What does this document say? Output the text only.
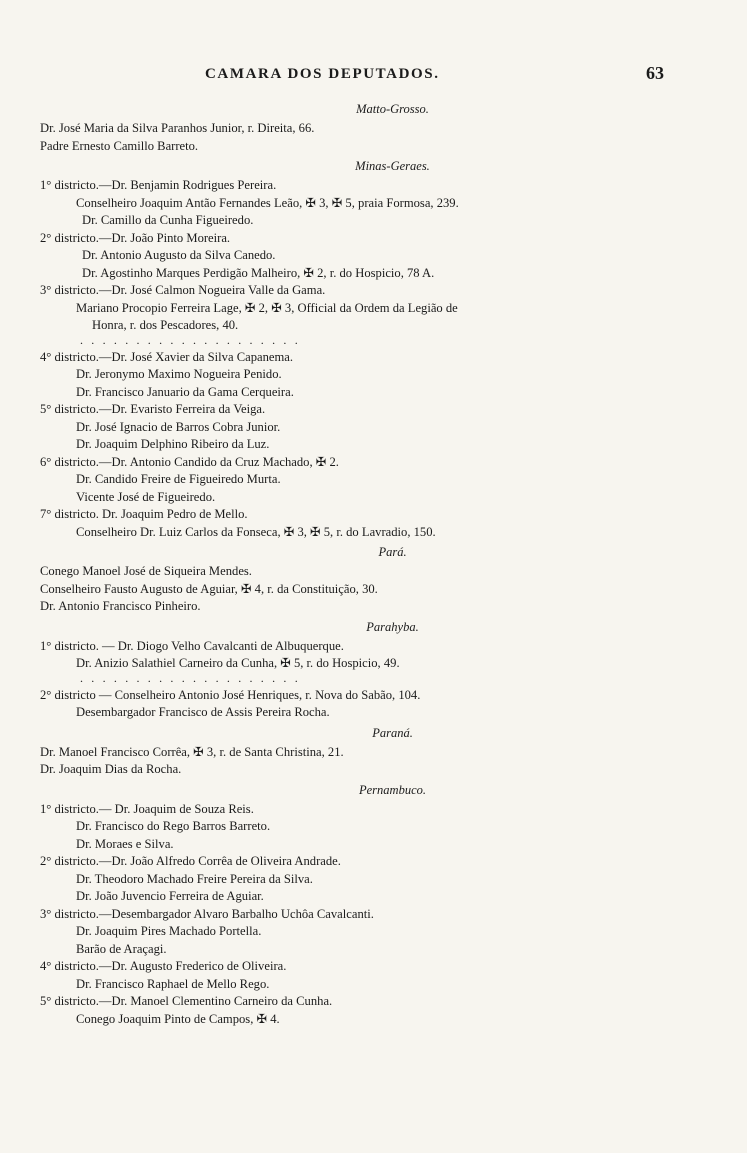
CAMARA DOS DEPUTADOS.	63
Matto-Grosso.
Dr. José Maria da Silva Paranhos Junior, r. Direita, 66.
Padre Ernesto Camillo Barreto.
Minas-Geraes.
1° districto.—Dr. Benjamin Rodrigues Pereira.
Conselheiro Joaquim Antão Fernandes Leão, ✠ 3, ✠ 5, praia Formosa, 239.
Dr. Camillo da Cunha Figueiredo.
2° districto.—Dr. João Pinto Moreira.
Dr. Antonio Augusto da Silva Canedo.
Dr. Agostinho Marques Perdigão Malheiro, ✠ 2, r. do Hospicio, 78 A.
3° districto.—Dr. José Calmon Nogueira Valle da Gama.
Mariano Procopio Ferreira Lage, ✠ 2, ✠ 3, Official da Ordem da Legião de
Honra, r. dos Pescadores, 40.
....................
4° districto.—Dr. José Xavier da Silva Capanema.
Dr. Jeronymo Maximo Nogueira Penido.
Dr. Francisco Januario da Gama Cerqueira.
5° districto.—Dr. Evaristo Ferreira da Veiga.
Dr. José Ignacio de Barros Cobra Junior.
Dr. Joaquim Delphino Ribeiro da Luz.
6° districto.—Dr. Antonio Candido da Cruz Machado, ✠ 2.
Dr. Candido Freire de Figueiredo Murta.
Vicente José de Figueiredo.
7° districto. Dr. Joaquim Pedro de Mello.
Conselheiro Dr. Luiz Carlos da Fonseca, ✠ 3, ✠ 5, r. do Lavradio, 150.
Pará.
Conego Manoel José de Siqueira Mendes.
Conselheiro Fausto Augusto de Aguiar, ✠ 4, r. da Constituição, 30.
Dr. Antonio Francisco Pinheiro.
Parahyba.
1° districto. — Dr. Diogo Velho Cavalcanti de Albuquerque.
Dr. Anizio Salathiel Carneiro da Cunha, ✠ 5, r. do Hospicio, 49.
....................
2° districto — Conselheiro Antonio José Henriques, r. Nova do Sabão, 104.
Desembargador Francisco de Assis Pereira Rocha.
Paraná.
Dr. Manoel Francisco Corrêa, ✠ 3, r. de Santa Christina, 21.
Dr. Joaquim Dias da Rocha.
Pernambuco.
1° districto.— Dr. Joaquim de Souza Reis.
Dr. Francisco do Rego Barros Barreto.
Dr. Moraes e Silva.
2° districto.—Dr. João Alfredo Corrêa de Oliveira Andrade.
Dr. Theodoro Machado Freire Pereira da Silva.
Dr. João Juvencio Ferreira de Aguiar.
3° districto.—Desembargador Alvaro Barbalho Uchôa Cavalcanti.
Dr. Joaquim Pires Machado Portella.
Barão de Araçagi.
4° districto.—Dr. Augusto Frederico de Oliveira.
Dr. Francisco Raphael de Mello Rego.
5° districto.—Dr. Manoel Clementino Carneiro da Cunha.
Conego Joaquim Pinto de Campos, ✠ 4.
